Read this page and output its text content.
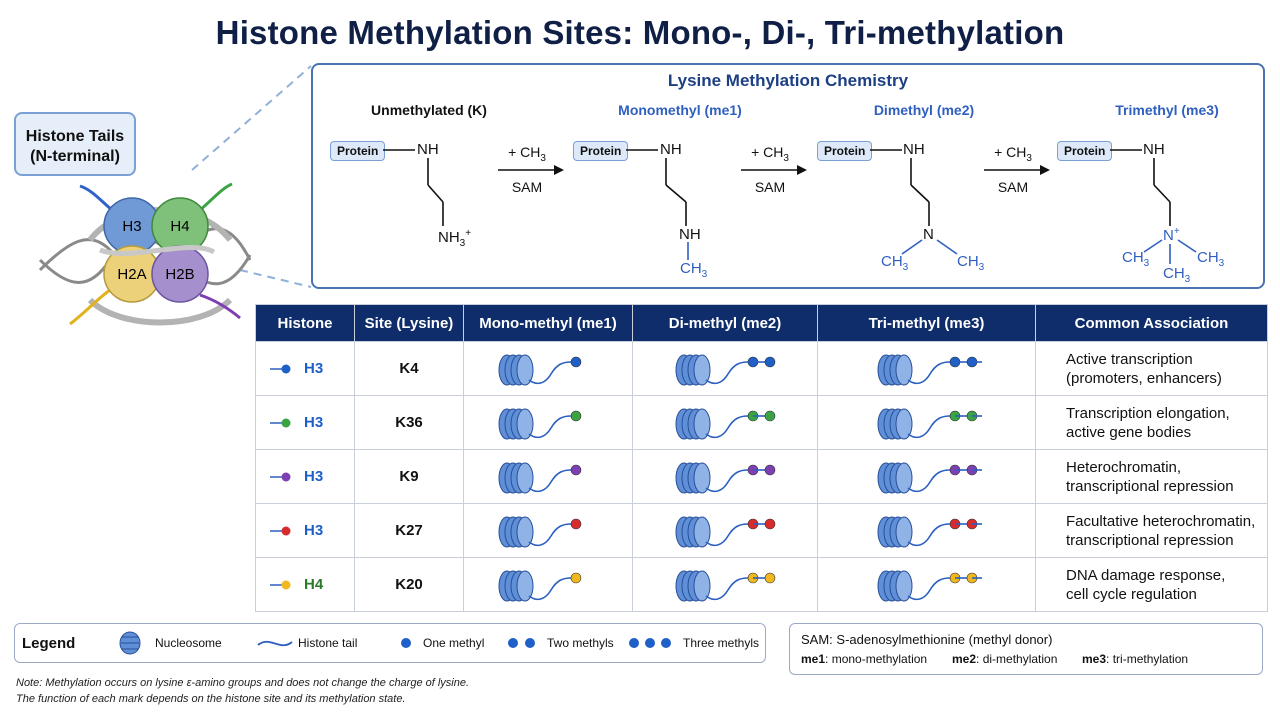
Histone Methylation Sites: Mono-, Di-, Tri-methylation
Histone Tails
(N-terminal)
H3 H4
H2A H2B
Lysine Methylation Chemistry
Unmethylated (K)	Monomethyl (me1)	Dimethyl (me2)	Trimethyl (me3)
Protein	Protein	Protein	Protein
NH
$NH_3^+$
NH
NH
$CH_3$
NH
N
$CH_3$	$CH_3$
NH
N+
$CH_3$	$CH_3$
$CH_3$
+ $CH_3$
SAM
+ $CH_3$
SAM
+ $CH_3$
SAM
Histone	Site (Lysine)	Mono-methyl (me1)	Di-methyl (me2)	Tri-methyl (me3)	Common Association
H3	K4				Active transcription
(promoters, enhancers)

H3	K36				Transcription elongation,
active gene bodies

H3	K9				Heterochromatin,
transcriptional repression

H3	K27				Facultative heterochromatin,
transcriptional repression

H4	K20				DNA damage response,
cell cycle regulation
Legend	Nucleosome	Histone tail	One methyl	Two methyls	Three methyls	SAM: S-adenosylmethionine (methyl donor)
me1: mono-methylation me2: di-methylation me3: tri-methylation
Note: Methylation occurs on lysine ε-amino groups and does not change the charge of lysine.
The function of each mark depends on the histone site and its methylation state.
